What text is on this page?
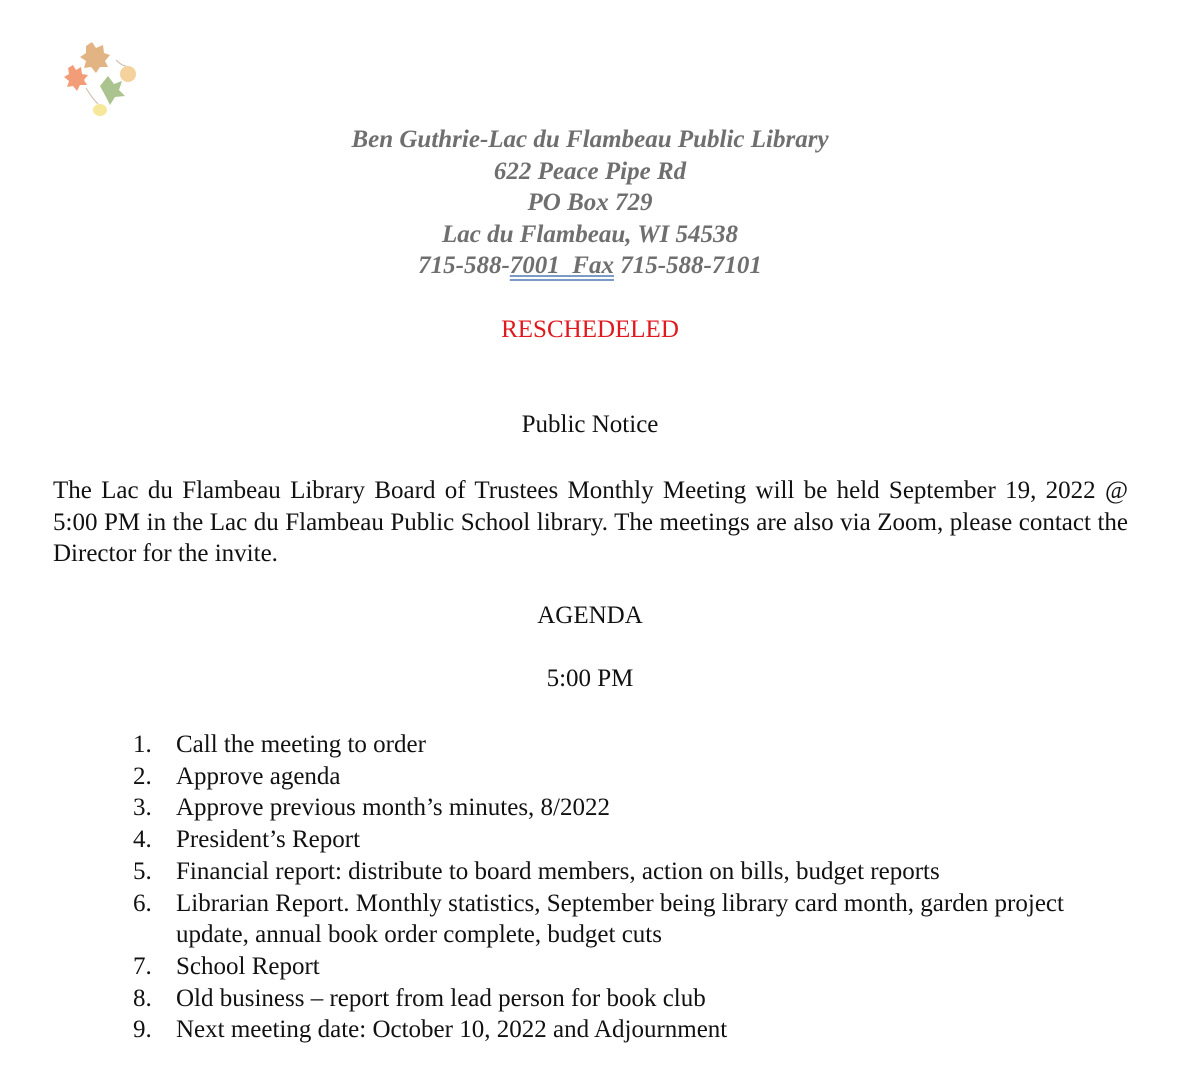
Ben Guthrie-Lac du Flambeau Public Library
622 Peace Pipe Rd
PO Box 729
Lac du Flambeau, WI 54538
715-588-7001  Fax 715-588-7101
RESCHEDELED
Public Notice
The Lac du Flambeau Library Board of Trustees Monthly Meeting will be held September 19, 2022 @ 5:00 PM in the Lac du Flambeau Public School library. The meetings are also via Zoom, please contact the Director for the invite.
AGENDA
5:00 PM
1. Call the meeting to order
2. Approve agenda
3. Approve previous month’s minutes, 8/2022
4. President’s Report
5. Financial report: distribute to board members, action on bills, budget reports
6. Librarian Report. Monthly statistics, September being library card month, garden project update, annual book order complete, budget cuts
7. School Report
8. Old business – report from lead person for book club
9. Next meeting date: October 10, 2022 and Adjournment
